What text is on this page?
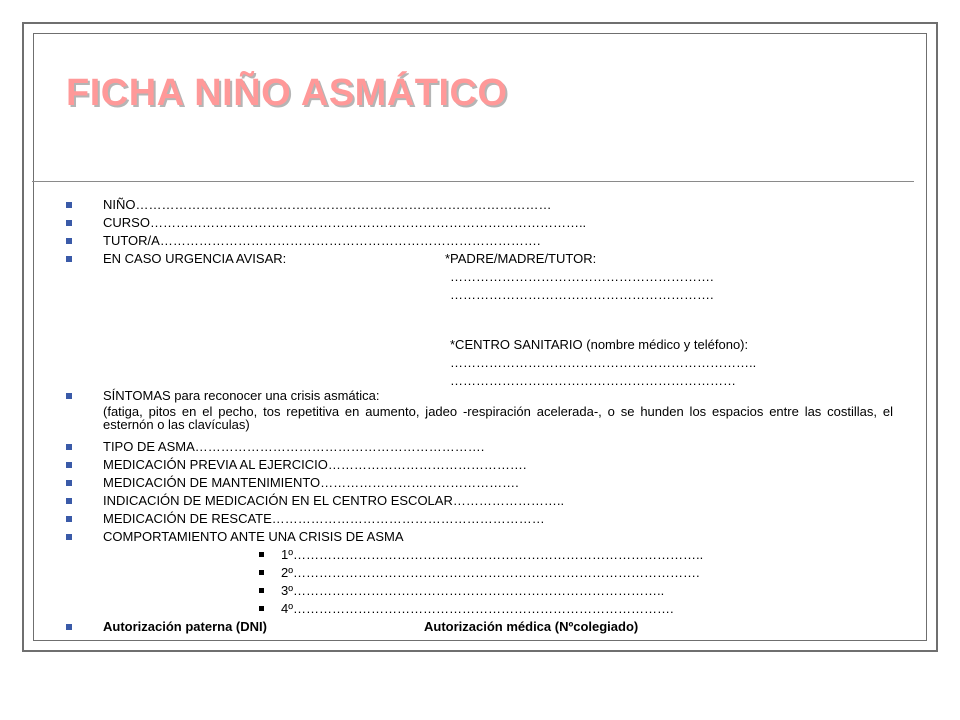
FICHA NIÑO ASMÁTICO
NIÑO……………………………………………………………………………………
CURSO………………………………………………………………………………………..
TUTOR/A…………………………………………………………………………….
EN CASO URGENCIA AVISAR:	*PADRE/MADRE/TUTOR:
…………………………………………………….
…………………………………………………….
*CENTRO SANITARIO (nombre médico y teléfono):
……………………………………………………………..
…………………………………………………………
SÍNTOMAS para reconocer una crisis asmática:
(fatiga, pitos en el pecho, tos repetitiva en aumento, jadeo -respiración acelerada-, o se hunden los espacios entre las costillas, el esternón o las clavículas)
TIPO DE ASMA………………………………………………………….
MEDICACIÓN PREVIA AL EJERCICIO……………………………………….
MEDICACIÓN DE MANTENIMIENTO……………………………………….
INDICACIÓN DE MEDICACIÓN EN EL CENTRO ESCOLAR……………………..
MEDICACIÓN DE RESCATE………………………………………………………
COMPORTAMIENTO ANTE UNA CRISIS DE ASMA
1º…………………………………………………………………………………..
2º………………………………………………………………………………….
3º…………………………………………………………………………..
4º…………………………………………………………………………….
Autorización paterna (DNI)	Autorización médica (Nºcolegiado)
